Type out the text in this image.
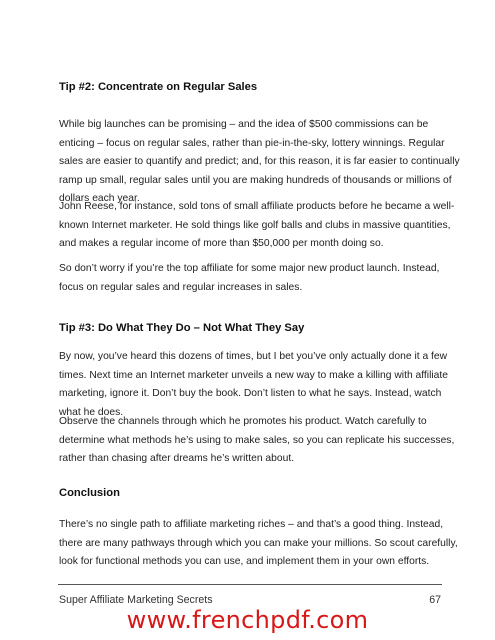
Tip #2: Concentrate on Regular Sales
While big launches can be promising – and the idea of $500 commissions can be
enticing – focus on regular sales, rather than pie-in-the-sky, lottery winnings. Regular
sales are easier to quantify and predict; and, for this reason, it is far easier to continually
ramp up small, regular sales until you are making hundreds of thousands or millions of
dollars each year.
John Reese, for instance, sold tons of small affiliate products before he became a well-
known Internet marketer. He sold things like golf balls and clubs in massive quantities,
and makes a regular income of more than $50,000 per month doing so.
So don’t worry if you’re the top affiliate for some major new product launch. Instead,
focus on regular sales and regular increases in sales.
Tip #3: Do What They Do – Not What They Say
By now, you’ve heard this dozens of times, but I bet you’ve only actually done it a few
times. Next time an Internet marketer unveils a new way to make a killing with affiliate
marketing, ignore it. Don’t buy the book. Don’t listen to what he says. Instead, watch
what he does.
Observe the channels through which he promotes his product. Watch carefully to
determine what methods he’s using to make sales, so you can replicate his successes,
rather than chasing after dreams he’s written about.
Conclusion
There’s no single path to affiliate marketing riches – and that’s a good thing. Instead,
there are many pathways through which you can make your millions. So scout carefully,
look for functional methods you can use, and implement them in your own efforts.
Super Affiliate Marketing Secrets	67
www.frenchpdf.com
